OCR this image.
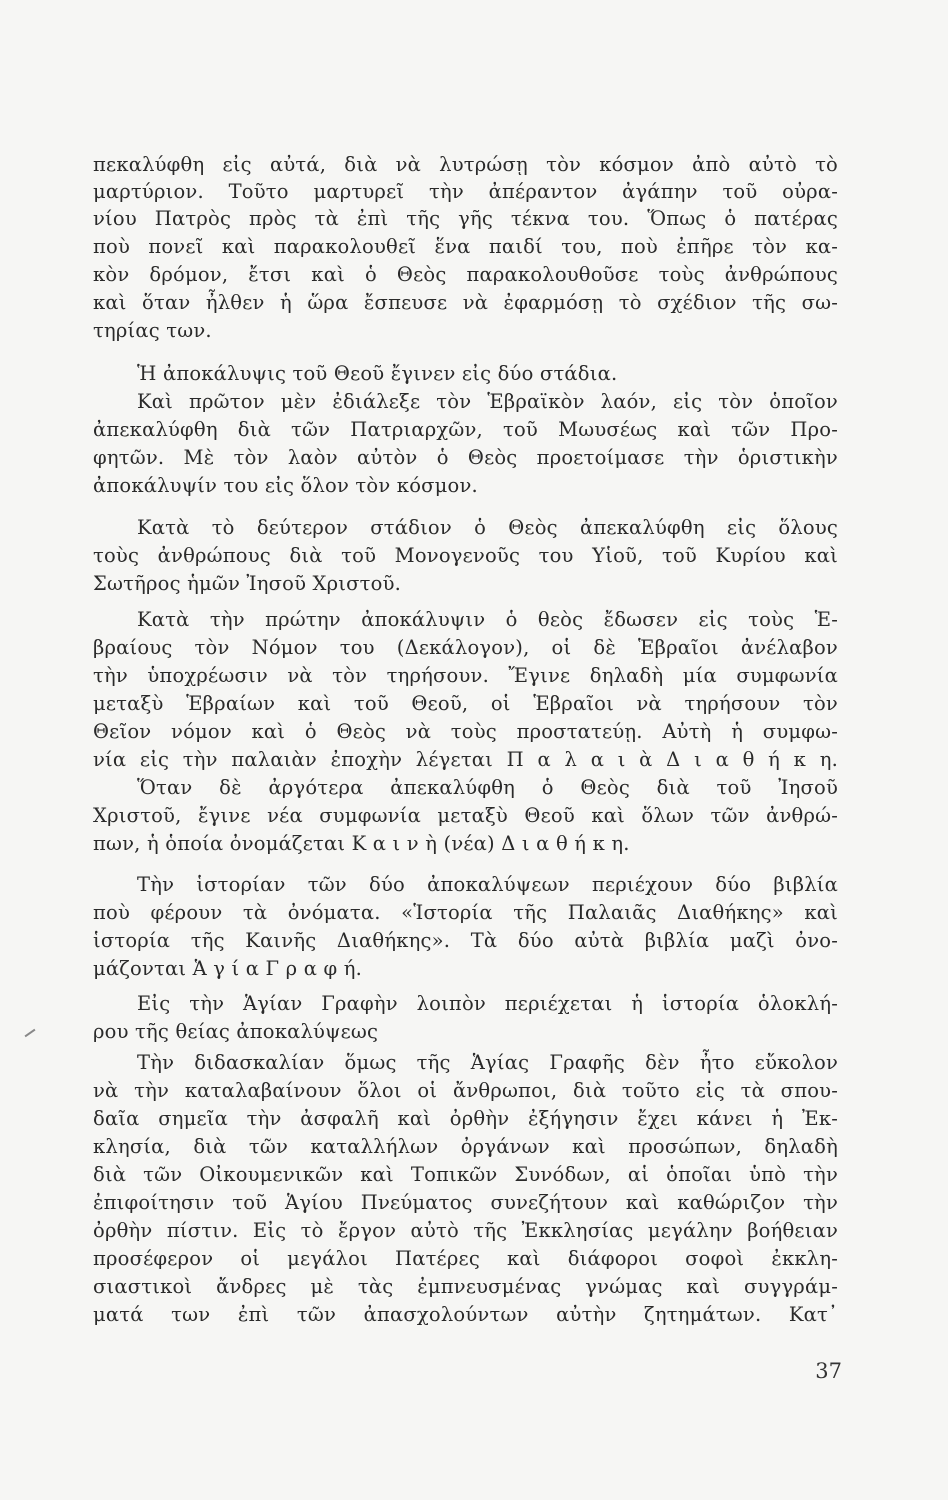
πεκαλύφθη εἰς αὐτά, διὰ νὰ λυτρώσῃ τὸν κόσμον ἀπὸ αὐτὸ τὸ
μαρτύριον. Τοῦτο μαρτυρεῖ τὴν ἀπέραντον ἀγάπην τοῦ οὐρα-
νίου Πατρὸς πρὸς τὰ ἐπὶ τῆς γῆς τέκνα του. Ὅπως ὁ πατέρας
ποὺ πονεῖ καὶ παρακολουθεῖ ἕνα παιδί του, ποὺ ἐπῆρε τὸν κα-
κὸν δρόμον, ἔτσι καὶ ὁ Θεὸς παρακολουθοῦσε τοὺς ἀνθρώπους
καὶ ὅταν ἦλθεν ἡ ὥρα ἔσπευσε νὰ ἐφαρμόσῃ τὸ σχέδιον τῆς σω-
τηρίας των.
Ἡ ἀποκάλυψις τοῦ Θεοῦ ἔγινεν εἰς δύο στάδια.
Καὶ πρῶτον μὲν ἐδιάλεξε τὸν Ἑβραϊκὸν λαόν, εἰς τὸν ὁποῖον
ἀπεκαλύφθη διὰ τῶν Πατριαρχῶν, τοῦ Μωυσέως καὶ τῶν Προ-
φητῶν. Μὲ τὸν λαὸν αὐτὸν ὁ Θεὸς προετοίμασε τὴν ὁριστικὴν
ἀποκάλυψίν του εἰς ὅλον τὸν κόσμον.
Κατὰ τὸ δεύτερον στάδιον ὁ Θεὸς ἀπεκαλύφθη εἰς ὅλους
τοὺς ἀνθρώπους διὰ τοῦ Μονογενοῦς του Υἱοῦ, τοῦ Κυρίου καὶ
Σωτῆρος ἡμῶν Ἰησοῦ Χριστοῦ.
Κατὰ τὴν πρώτην ἀποκάλυψιν ὁ θεὸς ἔδωσεν εἰς τοὺς Ἑ-
βραίους τὸν Νόμον του (Δεκάλογον), οἱ δὲ Ἑβραῖοι ἀνέλαβον
τὴν ὑποχρέωσιν νὰ τὸν τηρήσουν. Ἔγινε δηλαδὴ μία συμφωνία
μεταξὺ Ἑβραίων καὶ τοῦ Θεοῦ, οἱ Ἑβραῖοι νὰ τηρήσουν τὸν
Θεῖον νόμον καὶ ὁ Θεὸς νὰ τοὺς προστατεύῃ. Αὐτὴ ἡ συμφω-
νία εἰς τὴν παλαιὰν ἐποχὴν λέγεται Π α λ α ι ὰ Δ ι α θ ή κ η.
Ὅταν δὲ ἀργότερα ἀπεκαλύφθη ὁ Θεὸς διὰ τοῦ Ἰησοῦ
Χριστοῦ, ἔγινε νέα συμφωνία μεταξὺ Θεοῦ καὶ ὅλων τῶν ἀνθρώ-
πων, ἡ ὁποία ὀνομάζεται Κ α ι ν ὴ (νέα) Δ ι α θ ή κ η.
Τὴν ἱστορίαν τῶν δύο ἀποκαλύψεων περιέχουν δύο βιβλία
ποὺ φέρουν τὰ ὀνόματα. «Ἱστορία τῆς Παλαιᾶς Διαθήκης» καὶ
ἱστορία τῆς Καινῆς Διαθήκης». Τὰ δύο αὐτὰ βιβλία μαζὶ ὀνο-
μάζονται Ἁ γ ί α Γ ρ α φ ή.
Εἰς τὴν Ἁγίαν Γραφὴν λοιπὸν περιέχεται ἡ ἱστορία ὁλοκλή-
ρου τῆς θείας ἀποκαλύψεως
Τὴν διδασκαλίαν ὅμως τῆς Ἁγίας Γραφῆς δὲν ἦτο εὔκολον
νὰ τὴν καταλαβαίνουν ὅλοι οἱ ἄνθρωποι, διὰ τοῦτο εἰς τὰ σπου-
δαῖα σημεῖα τὴν ἀσφαλῆ καὶ ὀρθὴν ἐξήγησιν ἔχει κάνει ἡ Ἐκ-
κλησία, διὰ τῶν καταλλήλων ὀργάνων καὶ προσώπων, δηλαδὴ
διὰ τῶν Οἰκουμενικῶν καὶ Τοπικῶν Συνόδων, αἱ ὁποῖαι ὑπὸ τὴν
ἐπιφοίτησιν τοῦ Ἁγίου Πνεύματος συνεζήτουν καὶ καθώριζον τὴν
ὀρθὴν πίστιν. Εἰς τὸ ἔργον αὐτὸ τῆς Ἐκκλησίας μεγάλην βοήθειαν
προσέφερον οἱ μεγάλοι Πατέρες καὶ διάφοροι σοφοὶ ἐκκλη-
σιαστικοὶ ἄνδρες μὲ τὰς ἐμπνευσμένας γνώμας καὶ συγγράμ-
ματά των ἐπὶ τῶν ἀπασχολούντων αὐτὴν ζητημάτων. Κατ᾿
37
